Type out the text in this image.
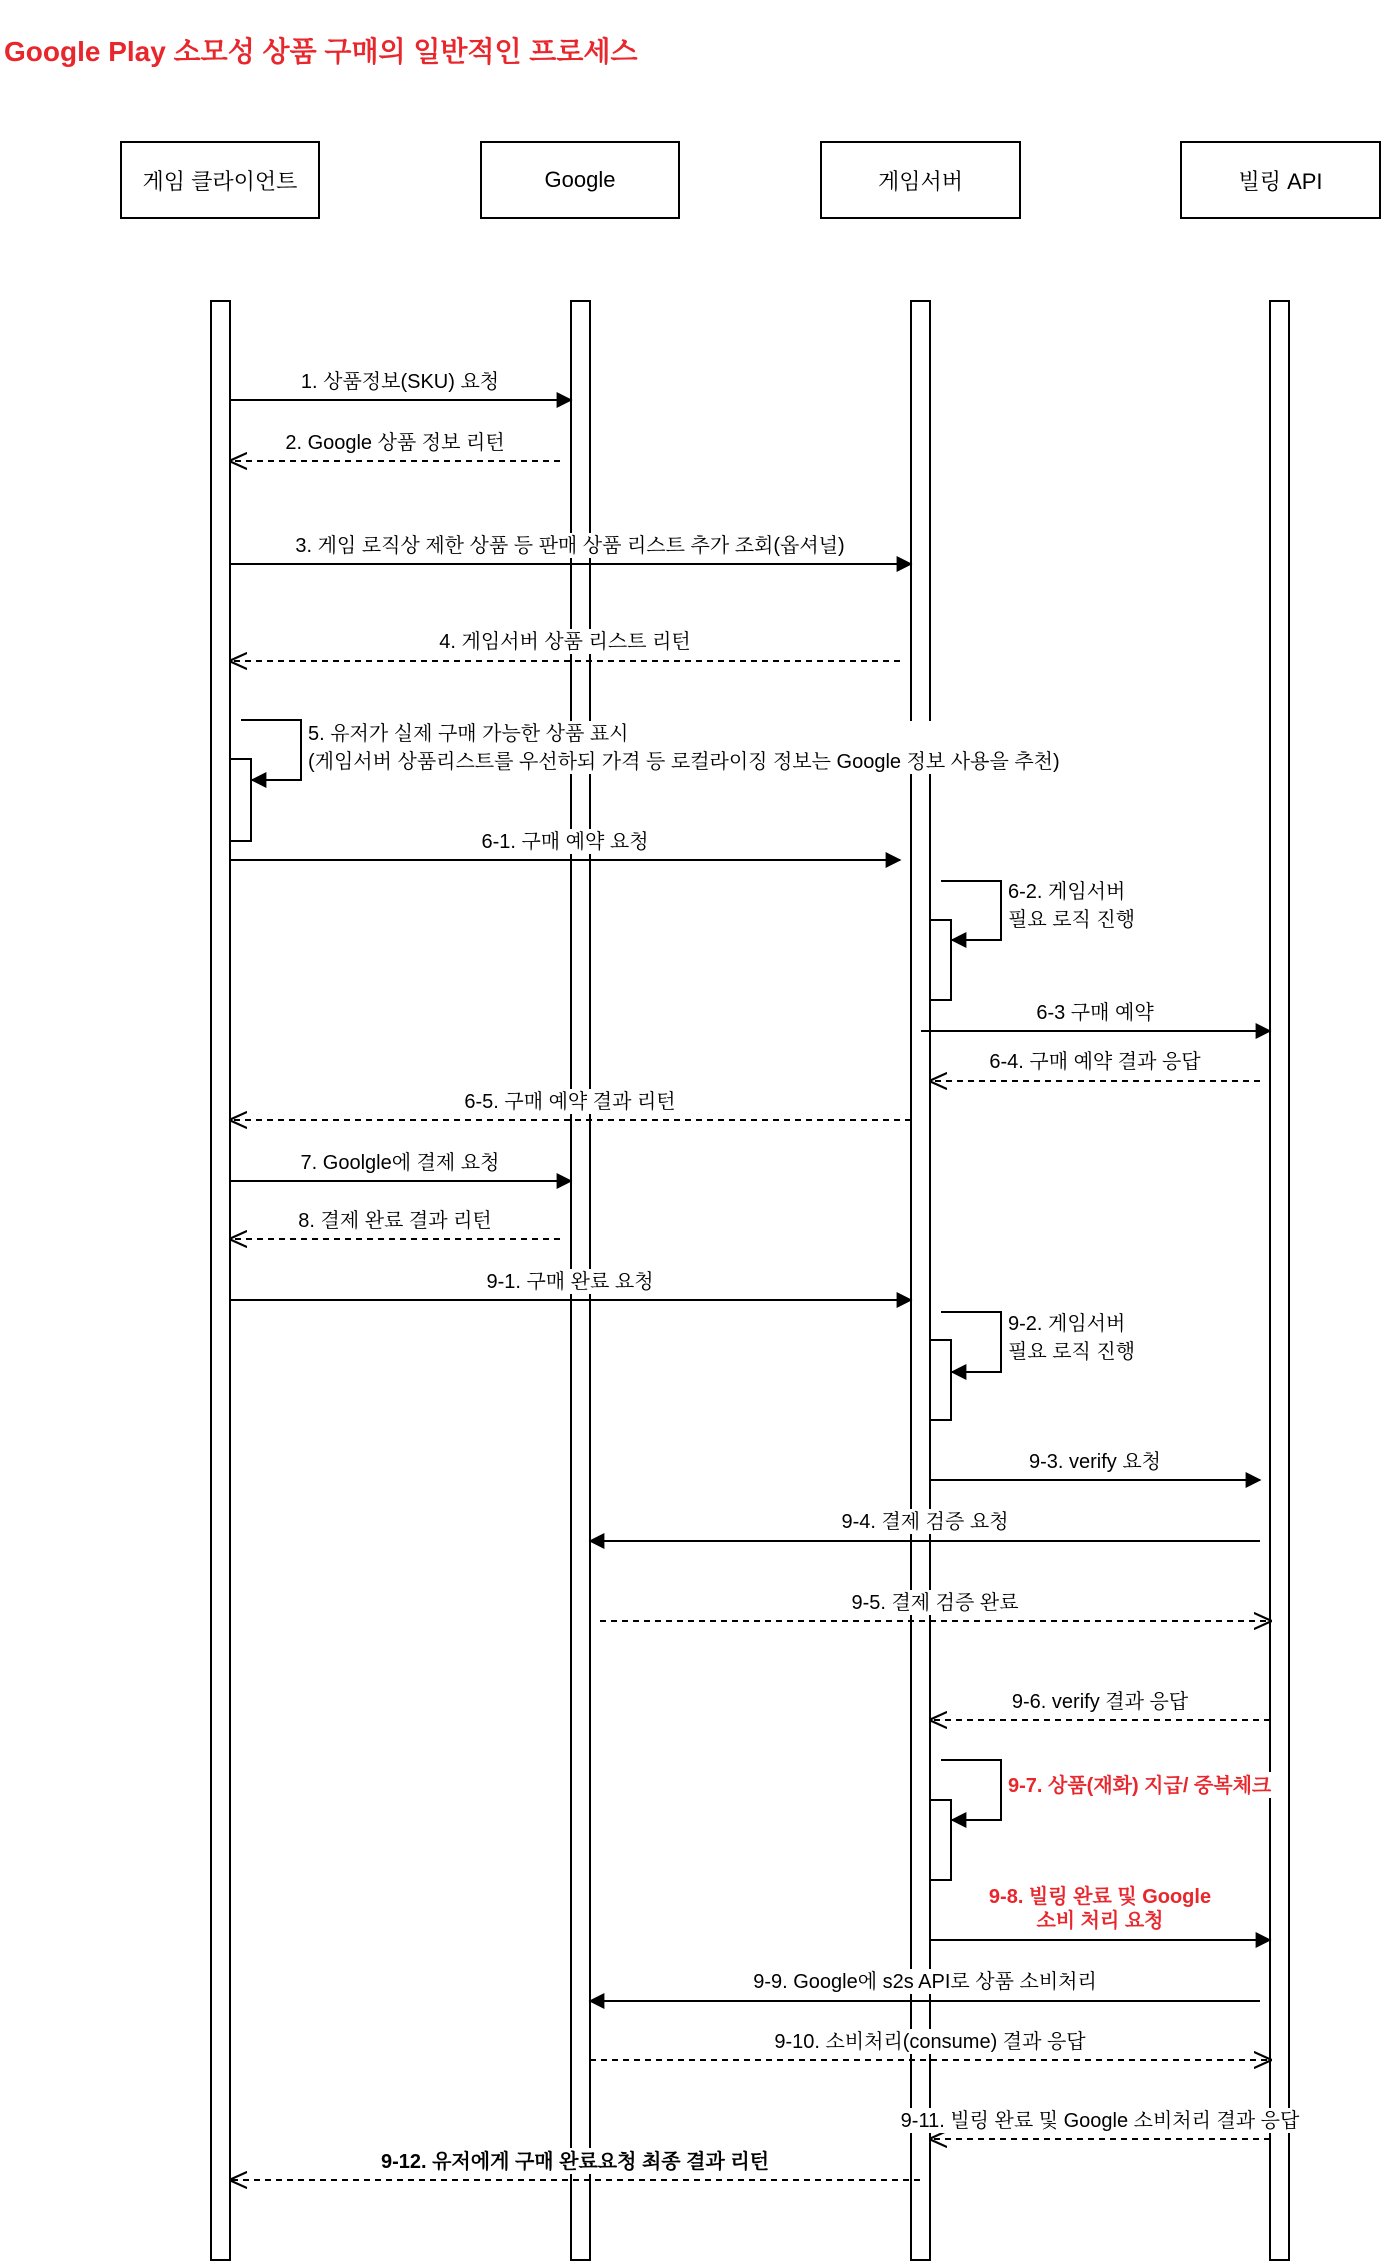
Google Play 소모성 상품 구매의 일반적인 프로세스
게임 클라이언트	Google	게임서버	빌링 API
1. 상품정보(SKU) 요청
2. Google 상품 정보 리턴
3. 게임 로직상 제한 상품 등 판매 상품 리스트 추가 조회(옵셔널)
4. 게임서버 상품 리스트 리턴
5. 유저가 실제 구매 가능한 상품 표시 (게임서버 상품리스트를 우선하되 가격 등 로컬라이징 정보는 Google 정보 사용을 추천)
6-1. 구매 예약 요청
6-2. 게임서버 필요 로직 진행
6-3 구매 예약
6-4. 구매 예약 결과 응답
6-5. 구매 예약 결과 리턴
7. Goolgle에 결제 요청
8. 결제 완료 결과 리턴
9-1. 구매 완료 요청
9-2. 게임서버 필요 로직 진행
9-3. verify 요청
9-4. 결제 검증 요청
9-5. 결제 검증 완료
9-6. verify 결과 응답
9-7. 상품(재화) 지급/ 중복체크
9-8. 빌링 완료 및 Google 소비 처리 요청
9-9. Google에 s2s API로 상품 소비처리
9-10. 소비처리(consume) 결과 응답
9-11. 빌링 완료 및 Google 소비처리 결과 응답
9-12. 유저에게 구매 완료요청 최종 결과 리턴
